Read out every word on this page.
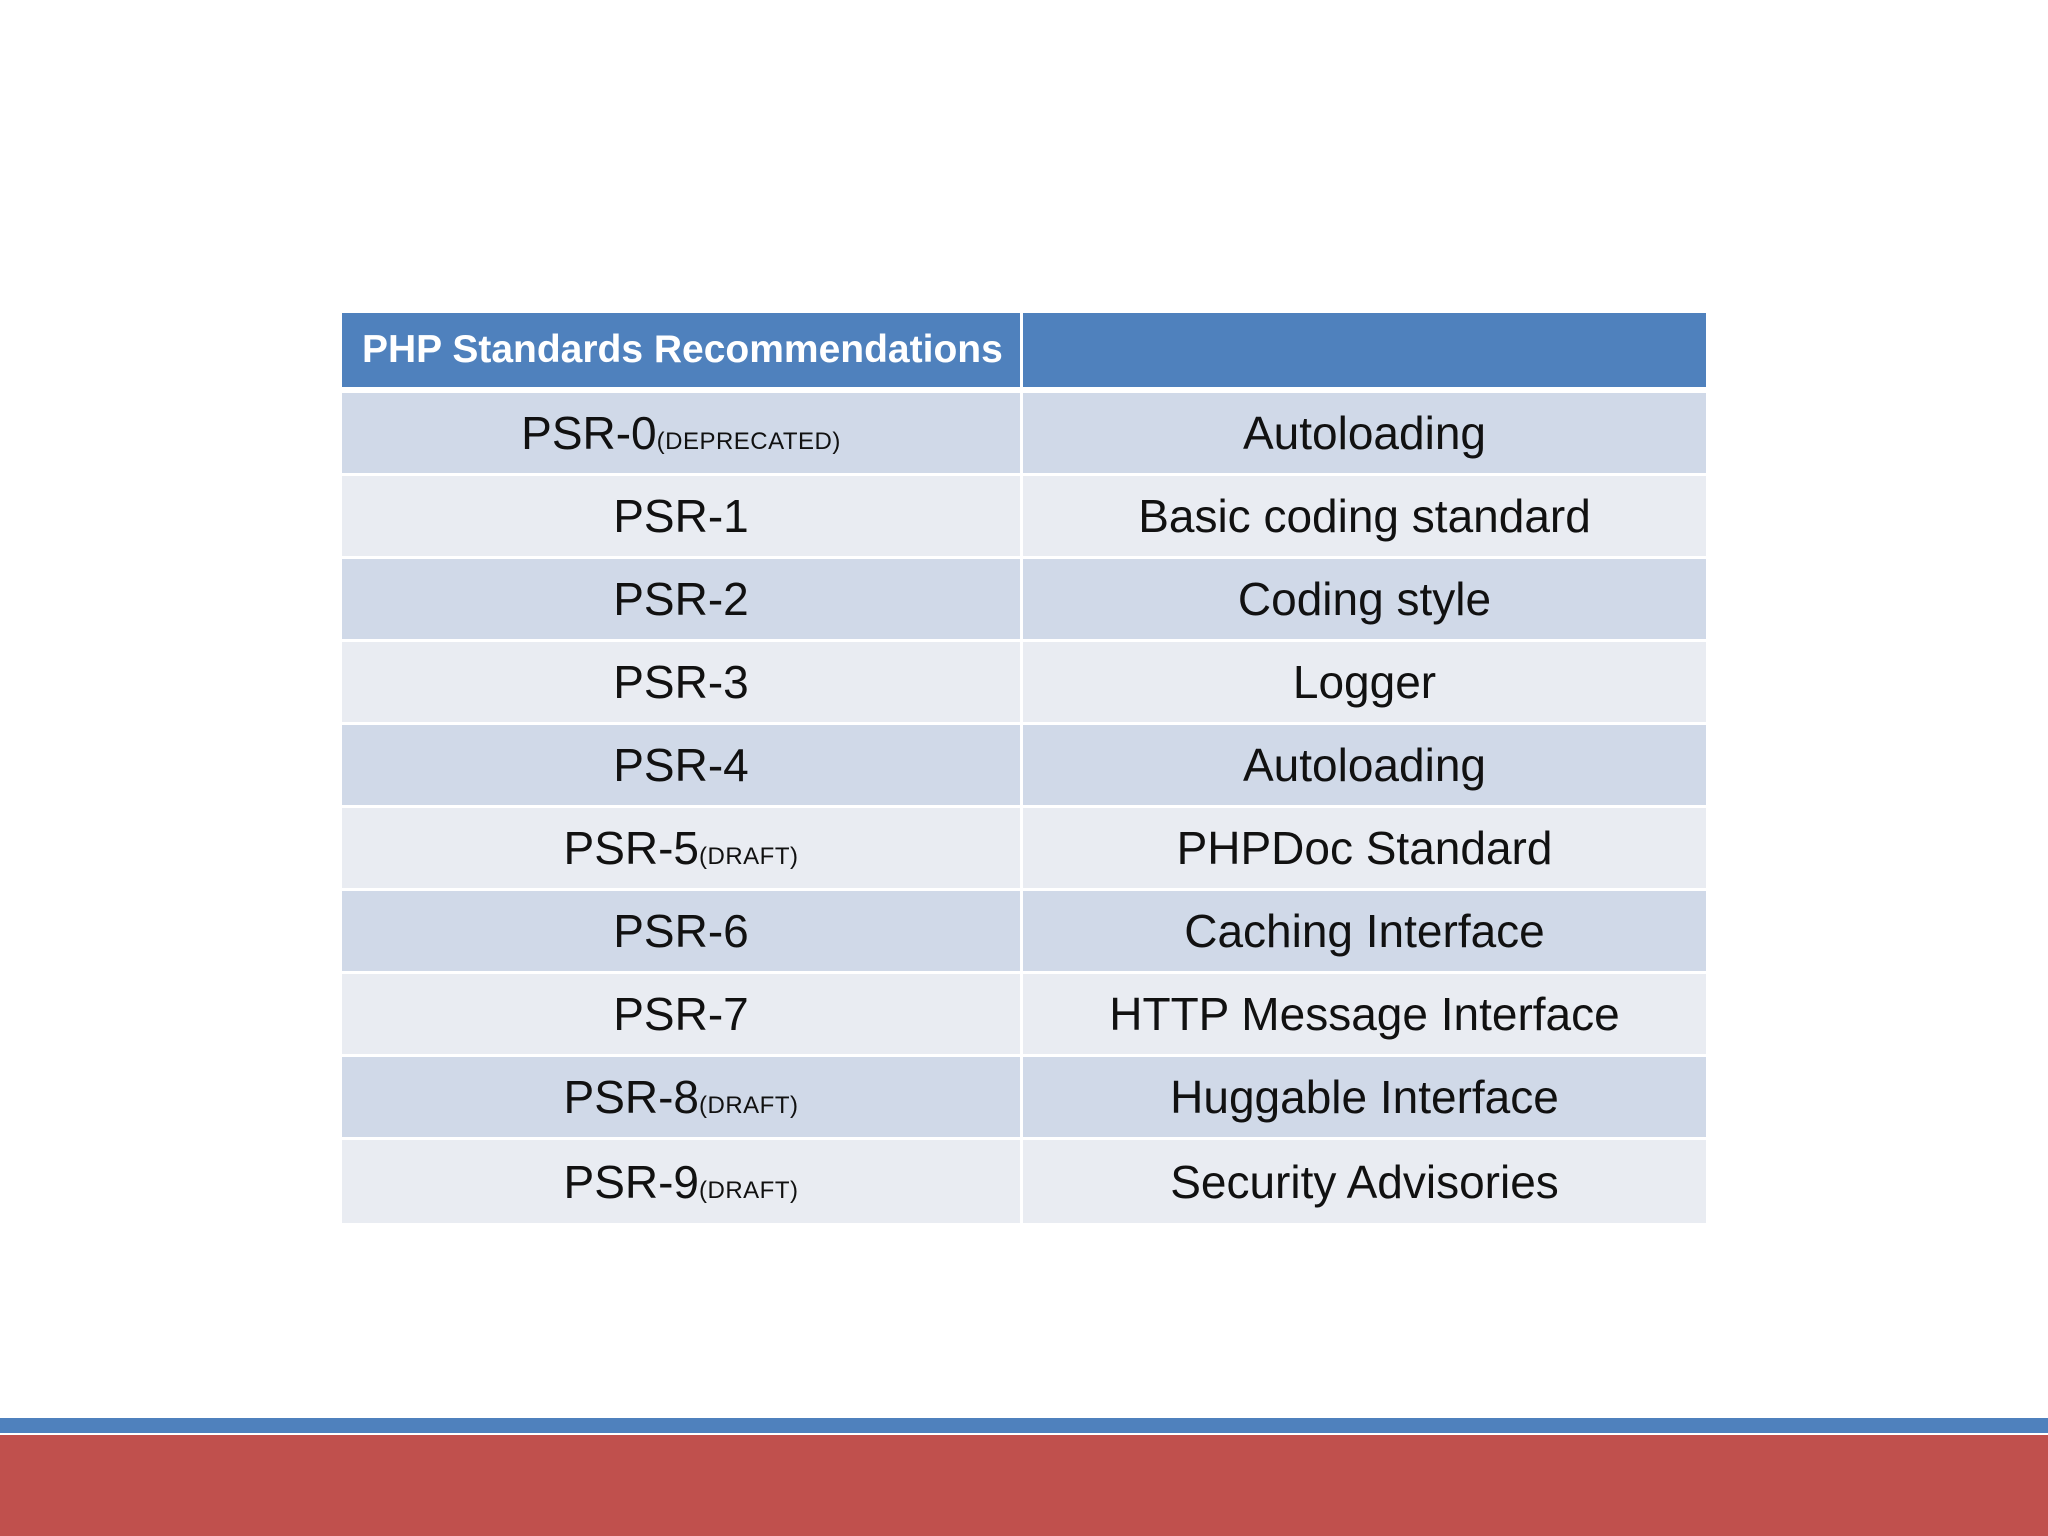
PHP Standards Recommendations	
PSR-0(DEPRECATED)	Autoloading
PSR-1	Basic coding standard
PSR-2	Coding style
PSR-3	Logger
PSR-4	Autoloading
PSR-5(DRAFT)	PHPDoc Standard
PSR-6	Caching Interface
PSR-7	HTTP Message Interface
PSR-8(DRAFT)	Huggable Interface
PSR-9(DRAFT)	Security Advisories
